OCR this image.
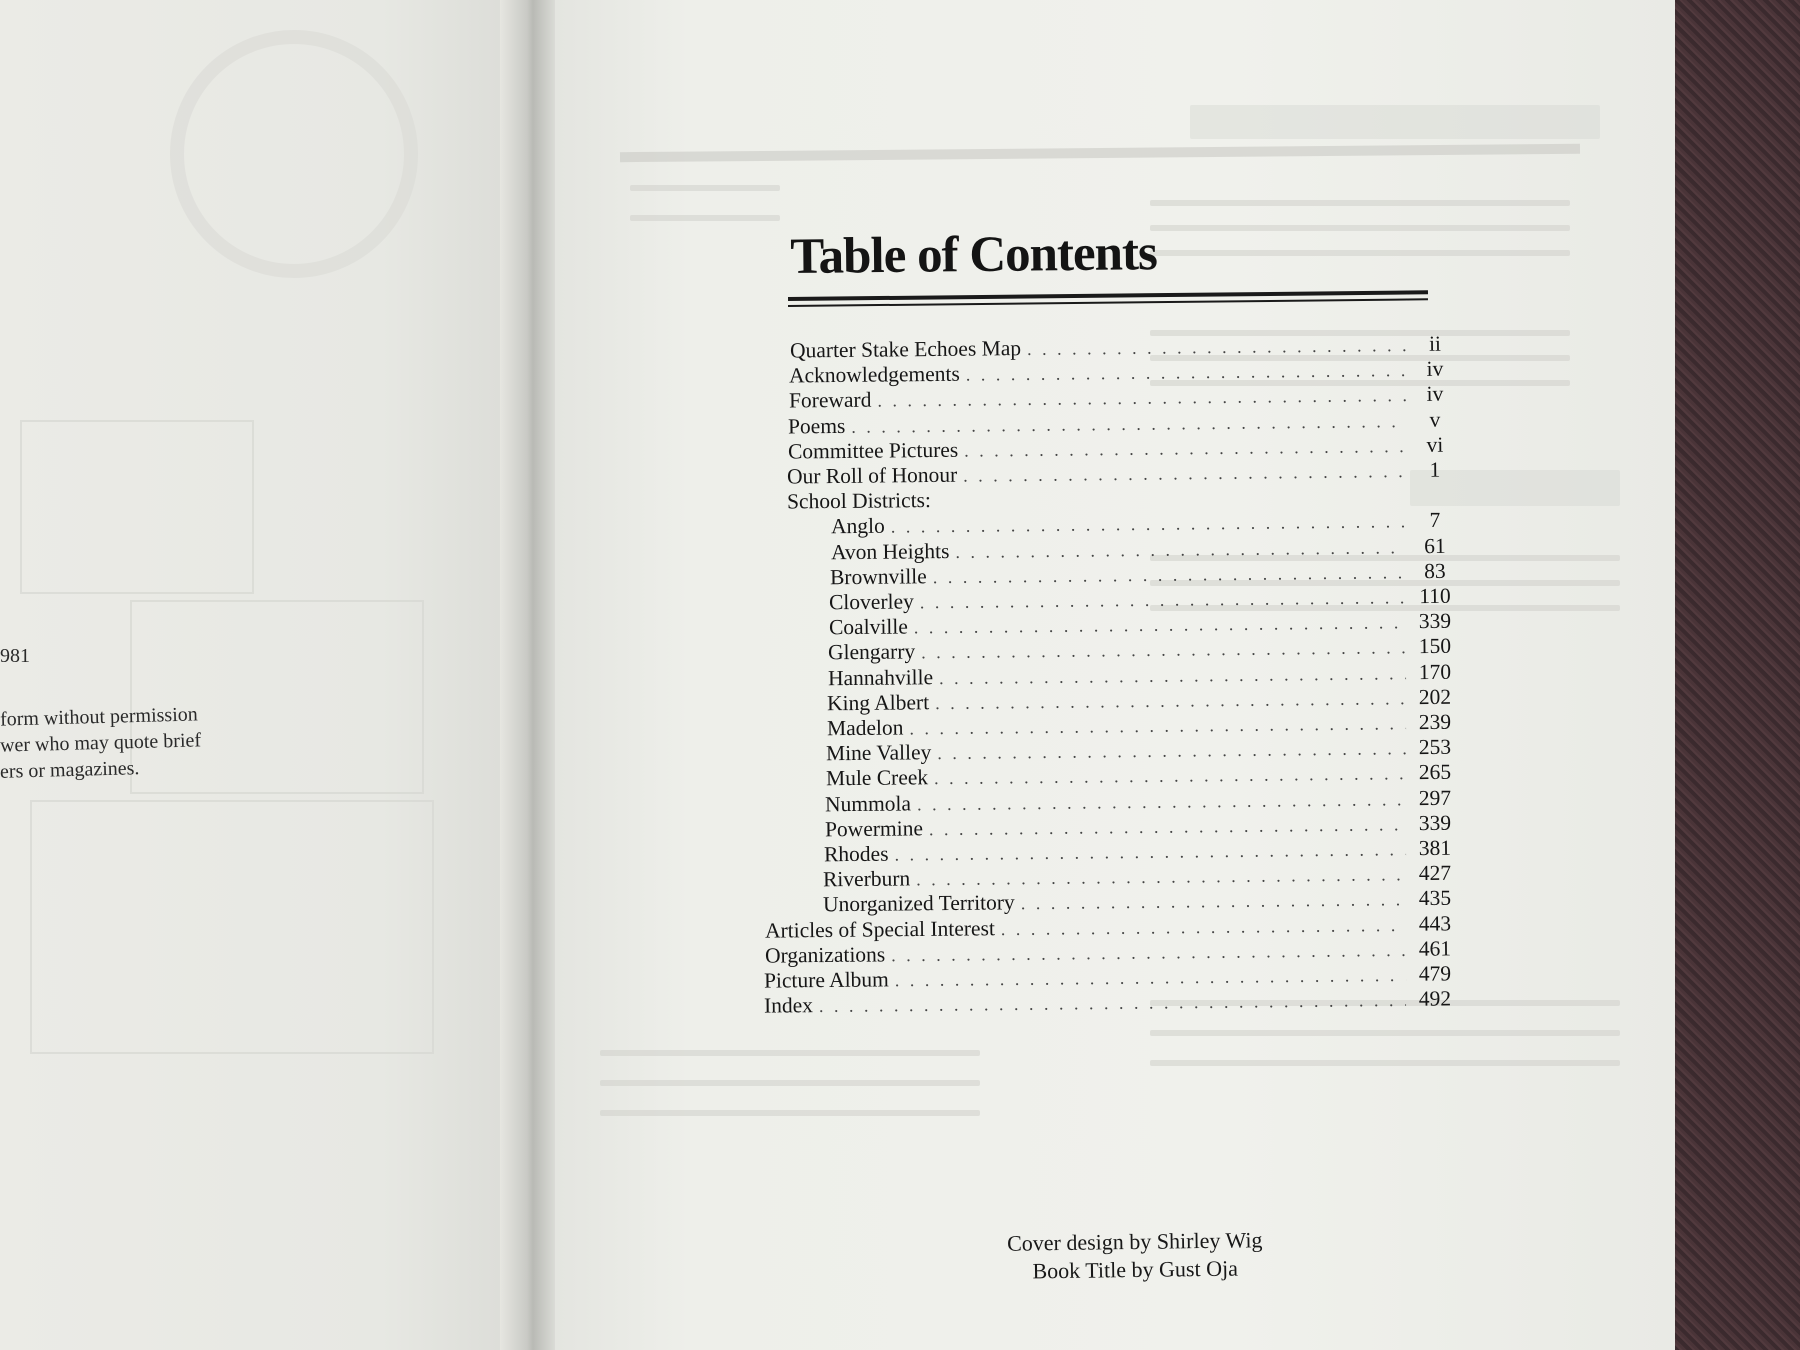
981
form without permission
wer who may quote brief
ers or magazines.
Table of Contents
Quarter Stake Echoes Map . . .	ii
Acknowledgements . . .	iv
Foreward . . .	iv
Poems . . .	v
Committee Pictures . . .	vi
Our Roll of Honour . . .	1
School Districts:
Anglo . . .	7
Avon Heights . . .	61
Brownville . . .	83
Cloverley . . .	110
Coalville . . .	339
Glengarry . . .	150
Hannahville . . .	170
King Albert . . .	202
Madelon . . .	239
Mine Valley . . .	253
Mule Creek . . .	265
Nummola . . .	297
Powermine . . .	339
Rhodes . . .	381
Riverburn . . .	427
Unorganized Territory . . .	435
Articles of Special Interest . . .	443
Organizations . . .	461
Picture Album . . .	479
Index . . .	492
Cover design by Shirley Wig
Book Title by Gust Oja
